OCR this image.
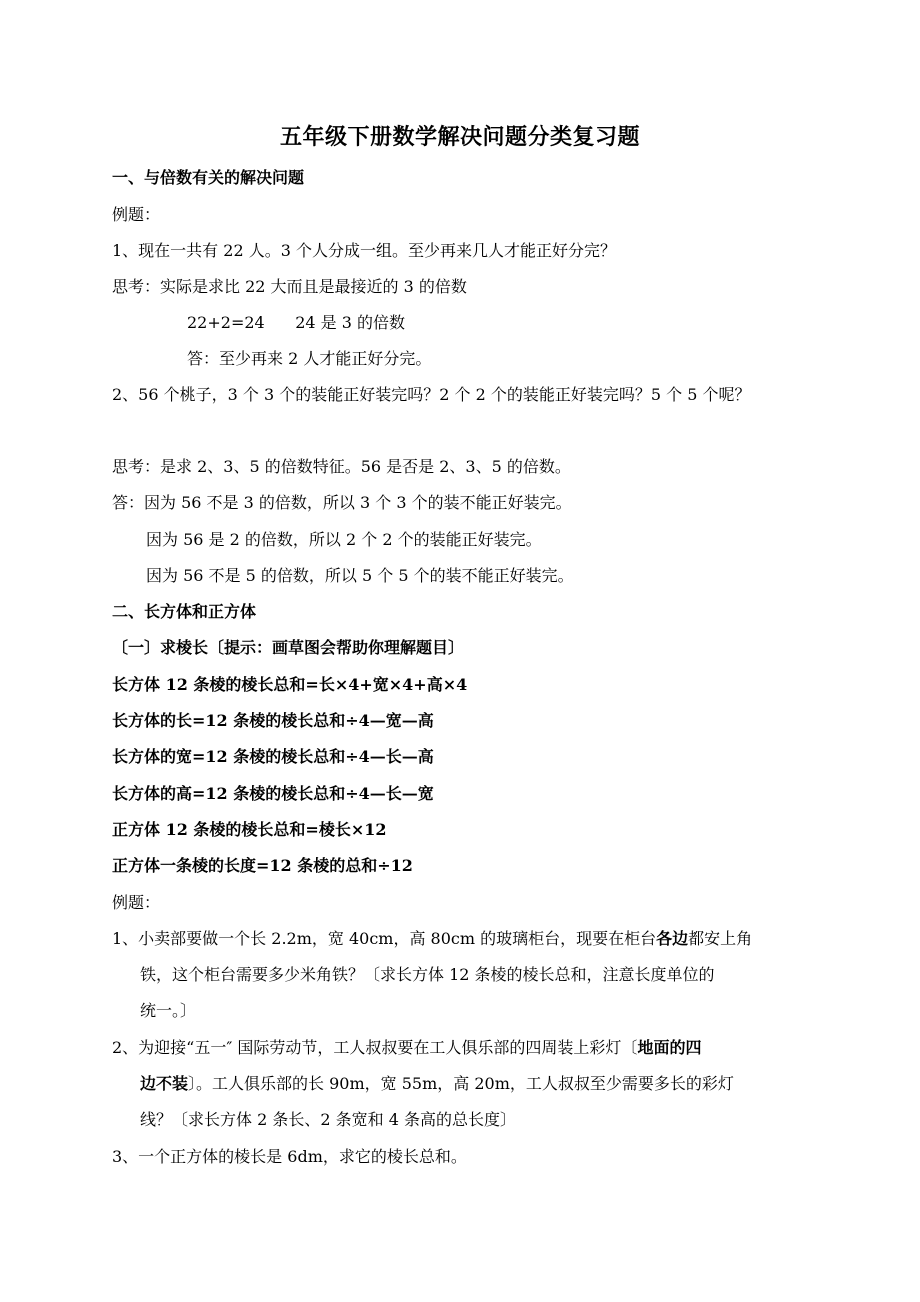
五年级下册数学解决问题分类复习题
一、与倍数有关的解决问题
例题：
1、现在一共有 22 人。3 个人分成一组。至少再来几人才能正好分完？
思考：实际是求比 22 大而且是最接近的 3 的倍数
22+2=24      24 是 3 的倍数
答：至少再来 2 人才能正好分完。
2、56 个桃子，3 个 3 个的装能正好装完吗？2 个 2 个的装能正好装完吗？5 个 5 个呢？
思考：是求 2、3、5 的倍数特征。56 是否是 2、3、5 的倍数。
答：因为 56 不是 3 的倍数，所以 3 个 3 个的装不能正好装完。
因为 56 是 2 的倍数，所以 2 个 2 个的装能正好装完。
因为 56 不是 5 的倍数，所以 5 个 5 个的装不能正好装完。
二、长方体和正方体
〔一〕求棱长〔提示：画草图会帮助你理解题目〕
长方体 12 条棱的棱长总和=长×4+宽×4+高×4
长方体的长=12 条棱的棱长总和÷4—宽—高
长方体的宽=12 条棱的棱长总和÷4—长—高
长方体的高=12 条棱的棱长总和÷4—长—宽
正方体 12 条棱的棱长总和=棱长×12
正方体一条棱的长度=12 条棱的总和÷12
例题：
1、小卖部要做一个长 2.2m，宽 40cm，高 80cm 的玻璃柜台，现要在柜台各边都安上角
铁，这个柜台需要多少米角铁？〔求长方体 12 条棱的棱长总和，注意长度单位的
统一。〕
2、为迎接“五一″ 国际劳动节，工人叔叔要在工人俱乐部的四周装上彩灯〔地面的四
边不装〕。工人俱乐部的长 90m，宽 55m，高 20m，工人叔叔至少需要多长的彩灯
线？〔求长方体 2 条长、2 条宽和 4 条高的总长度〕
3、一个正方体的棱长是 6dm，求它的棱长总和。
